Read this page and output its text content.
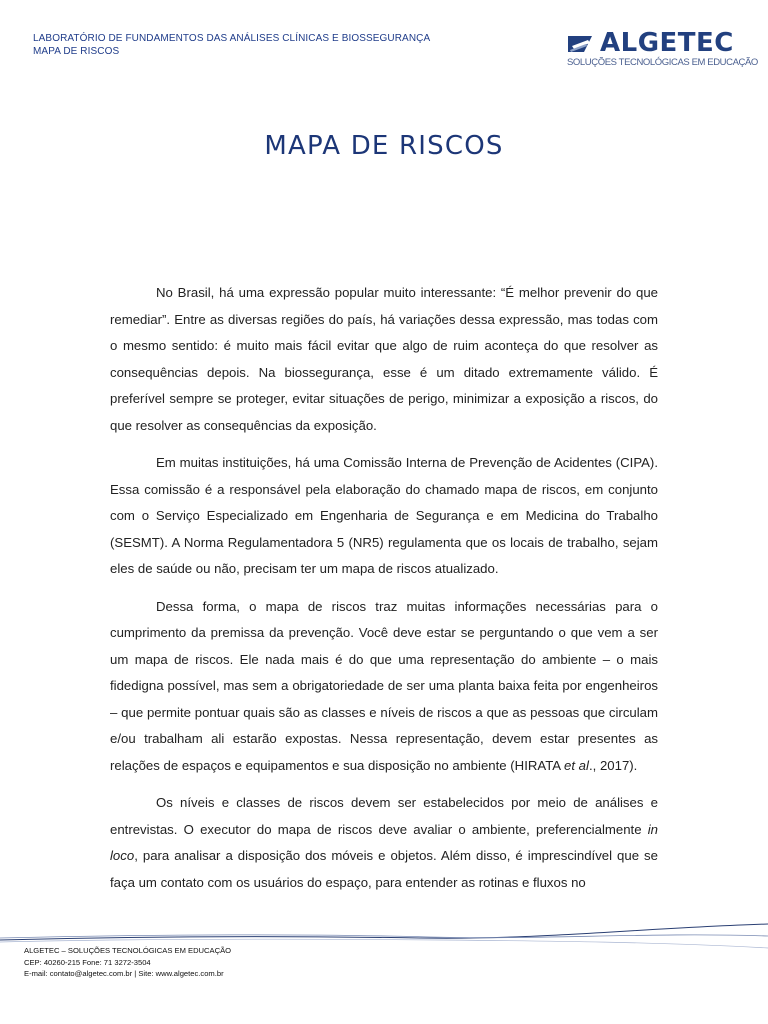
LABORATÓRIO DE FUNDAMENTOS DAS ANÁLISES CLÍNICAS E BIOSSEGURANÇA
MAPA DE RISCOS	ALGETEC
SOLUÇÕES TECNOLÓGICAS EM EDUCAÇÃO
MAPA DE RISCOS

No Brasil, há uma expressão popular muito interessante: “É melhor prevenir do que remediar”. Entre as diversas regiões do país, há variações dessa expressão, mas todas com o mesmo sentido: é muito mais fácil evitar que algo de ruim aconteça do que resolver as consequências depois. Na biossegurança, esse é um ditado extremamente válido. É preferível sempre se proteger, evitar situações de perigo, minimizar a exposição a riscos, do que resolver as consequências da exposição.

Em muitas instituições, há uma Comissão Interna de Prevenção de Acidentes (CIPA). Essa comissão é a responsável pela elaboração do chamado mapa de riscos, em conjunto com o Serviço Especializado em Engenharia de Segurança e em Medicina do Trabalho (SESMT). A Norma Regulamentadora 5 (NR5) regulamenta que os locais de trabalho, sejam eles de saúde ou não, precisam ter um mapa de riscos atualizado.

Dessa forma, o mapa de riscos traz muitas informações necessárias para o cumprimento da premissa da prevenção. Você deve estar se perguntando o que vem a ser um mapa de riscos. Ele nada mais é do que uma representação do ambiente – o mais fidedigna possível, mas sem a obrigatoriedade de ser uma planta baixa feita por engenheiros – que permite pontuar quais são as classes e níveis de riscos a que as pessoas que circulam e/ou trabalham ali estarão expostas. Nessa representação, devem estar presentes as relações de espaços e equipamentos e sua disposição no ambiente (HIRATA et al., 2017).

Os níveis e classes de riscos devem ser estabelecidos por meio de análises e entrevistas. O executor do mapa de riscos deve avaliar o ambiente, preferencialmente in loco, para analisar a disposição dos móveis e objetos. Além disso, é imprescindível que se faça um contato com os usuários do espaço, para entender as rotinas e fluxos no

ALGETEC – SOLUÇÕES TECNOLÓGICAS EM EDUCAÇÃO
CEP: 40260-215 Fone: 71 3272-3504
E-mail: contato@algetec.com.br | Site: www.algetec.com.br
